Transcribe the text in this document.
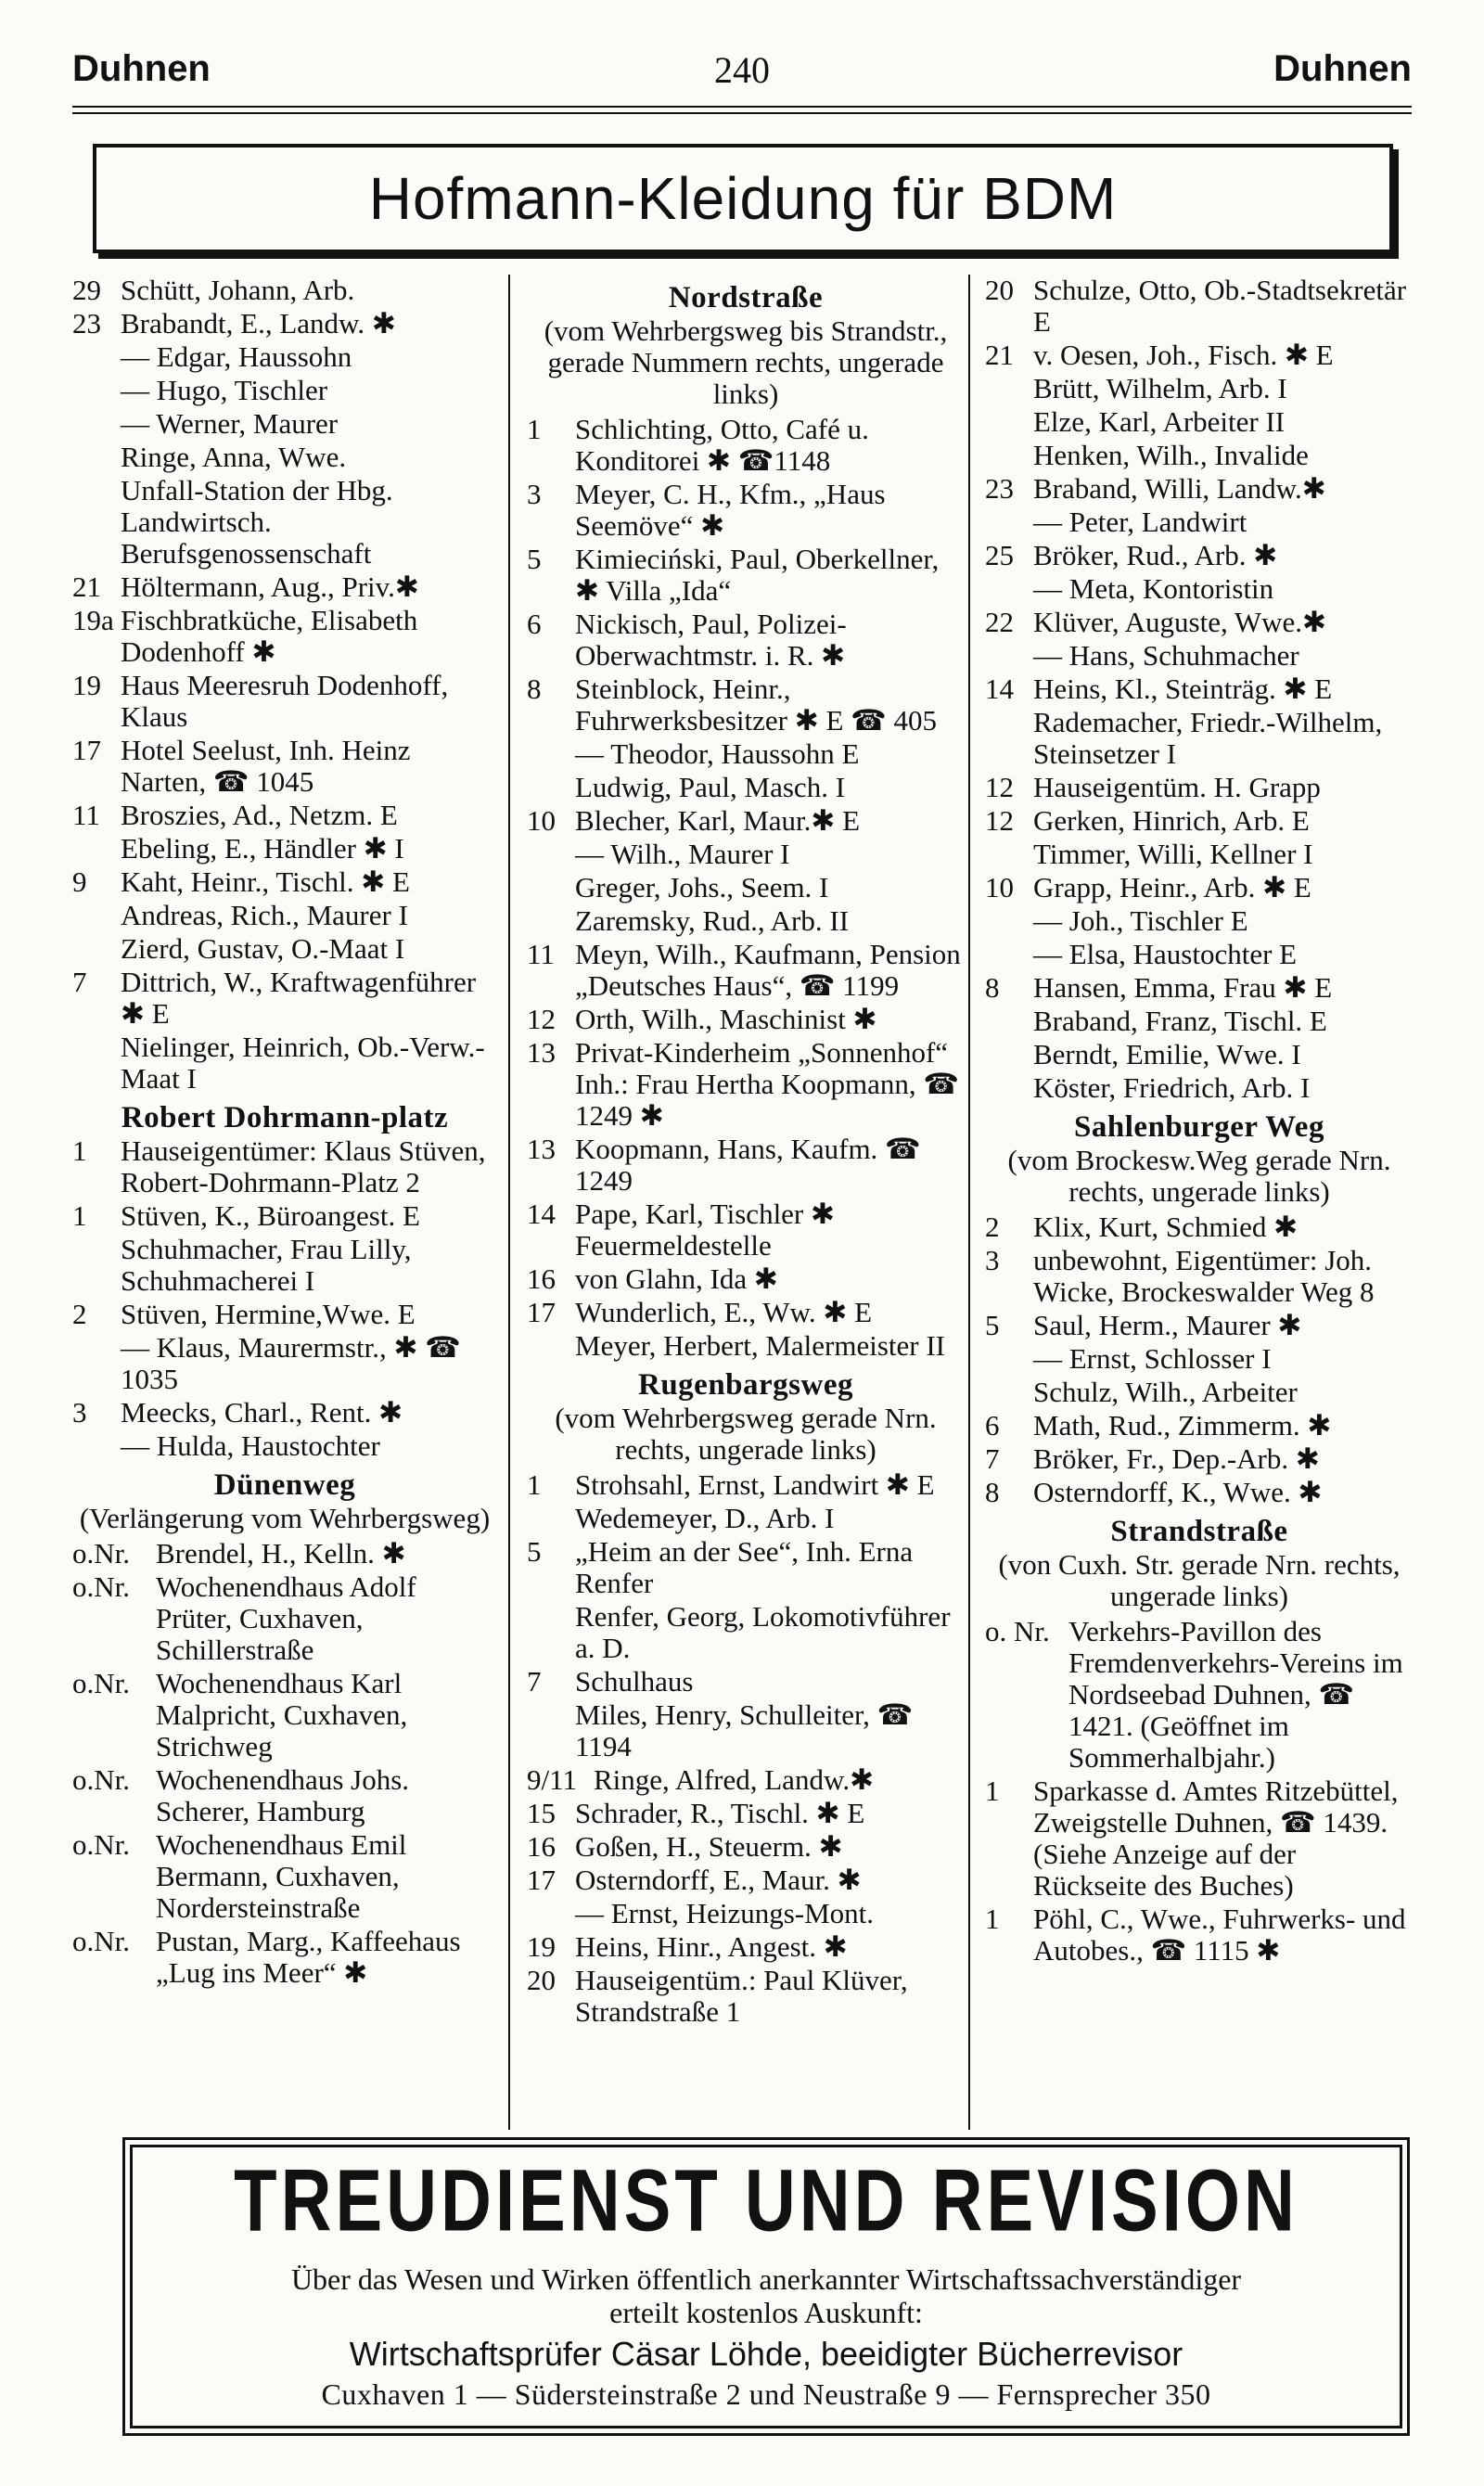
Duhnen	240	Duhnen
Hofmann-Kleidung für BDM
29 Schütt, Johann, Arb.
23 Brabandt, E., Landw. ✱
— Edgar, Haussohn
— Hugo, Tischler
— Werner, Maurer
Ringe, Anna, Wwe.
Unfall-Station der Hbg. Landwirtsch. Berufsgenossenschaft
21 Höltermann, Aug., Priv.✱
19a Fischbratküche, Elisabeth Dodenhoff ✱
19 Haus Meeresruh Dodenhoff, Klaus
17 Hotel Seelust, Inh. Heinz Narten, ☎ 1045
11 Broszies, Ad., Netzm. E
Ebeling, E., Händler ✱ I
9 Kaht, Heinr., Tischl. ✱ E
Andreas, Rich., Maurer I
Zierd, Gustav, O.-Maat I
7 Dittrich, W., Kraftwagenführer ✱ E
Nielinger, Heinrich, Ob.-Verw.-Maat I
Robert Dohrmann-platz
1 Hauseigentümer: Klaus Stüven, Robert-Dohrmann-Platz 2
1 Stüven, K., Büroangest. E
Schuhmacher, Frau Lilly, Schuhmacherei I
2 Stüven, Hermine,Wwe. E
— Klaus, Maurermstr., ✱ ☎ 1035
3 Meecks, Charl., Rent. ✱
— Hulda, Haustochter
Dünenweg
(Verlängerung vom Wehrbergsweg)
o.Nr. Brendel, H., Kelln. ✱
o.Nr. Wochenendhaus Adolf Prüter, Cuxhaven, Schillerstraße
o.Nr. Wochenendhaus Karl Malpricht, Cuxhaven, Strichweg
o.Nr. Wochenendhaus Johs. Scherer, Hamburg
o.Nr. Wochenendhaus Emil Bermann, Cuxhaven, Nordersteinstraße
o.Nr. Pustan, Marg., Kaffeehaus „Lug ins Meer“ ✱
Nordstraße
(vom Wehrbergsweg bis Strandstr., gerade Nummern rechts, ungerade links)
1 Schlichting, Otto, Café u. Konditorei ✱ ☎1148
3 Meyer, C. H., Kfm., „Haus Seemöve“ ✱
5 Kimieciński, Paul, Oberkellner, ✱ Villa „Ida“
6 Nickisch, Paul, Polizei-Oberwachtmstr. i. R. ✱
8 Steinblock, Heinr., Fuhrwerksbesitzer ✱ E ☎ 405
— Theodor, Haussohn E
Ludwig, Paul, Masch. I
10 Blecher, Karl, Maur.✱ E
— Wilh., Maurer I
Greger, Johs., Seem. I
Zaremsky, Rud., Arb. II
11 Meyn, Wilh., Kaufmann, Pension „Deutsches Haus“, ☎ 1199
12 Orth, Wilh., Maschinist ✱
13 Privat-Kinderheim „Sonnenhof“ Inh.: Frau Hertha Koopmann, ☎ 1249 ✱
13 Koopmann, Hans, Kaufm. ☎ 1249
14 Pape, Karl, Tischler ✱ Feuermeldestelle
16 von Glahn, Ida ✱
17 Wunderlich, E., Ww. ✱ E
Meyer, Herbert, Malermeister II
Rugenbargsweg
(vom Wehrbergsweg gerade Nrn. rechts, ungerade links)
1 Strohsahl, Ernst, Landwirt ✱ E
Wedemeyer, D., Arb. I
5 „Heim an der See“, Inh. Erna Renfer
Renfer, Georg, Lokomotivführer a. D.
7 Schulhaus
Miles, Henry, Schulleiter, ☎ 1194
9/11 Ringe, Alfred, Landw.✱
15 Schrader, R., Tischl. ✱ E
16 Goßen, H., Steuerm. ✱
17 Osterndorff, E., Maur. ✱
— Ernst, Heizungs-Mont.
19 Heins, Hinr., Angest. ✱
20 Hauseigentüm.: Paul Klüver, Strandstraße 1
20 Schulze, Otto, Ob.-Stadtsekretär E
21 v. Oesen, Joh., Fisch. ✱ E
Brütt, Wilhelm, Arb. I
Elze, Karl, Arbeiter II
Henken, Wilh., Invalide
23 Braband, Willi, Landw.✱
— Peter, Landwirt
25 Bröker, Rud., Arb. ✱
— Meta, Kontoristin
22 Klüver, Auguste, Wwe.✱
— Hans, Schuhmacher
14 Heins, Kl., Steinträg. ✱ E
Rademacher, Friedr.-Wilhelm, Steinsetzer I
12 Hauseigentüm. H. Grapp
12 Gerken, Hinrich, Arb. E
Timmer, Willi, Kellner I
10 Grapp, Heinr., Arb. ✱ E
— Joh., Tischler E
— Elsa, Haustochter E
8 Hansen, Emma, Frau ✱ E
Braband, Franz, Tischl. E
Berndt, Emilie, Wwe. I
Köster, Friedrich, Arb. I
Sahlenburger Weg
(vom Brockesw.Weg gerade Nrn. rechts, ungerade links)
2 Klix, Kurt, Schmied ✱
3 unbewohnt, Eigentümer: Joh. Wicke, Brockeswalder Weg 8
5 Saul, Herm., Maurer ✱
— Ernst, Schlosser I
Schulz, Wilh., Arbeiter
6 Math, Rud., Zimmerm. ✱
7 Bröker, Fr., Dep.-Arb. ✱
8 Osterndorff, K., Wwe. ✱
Strandstraße
(von Cuxh. Str. gerade Nrn. rechts, ungerade links)
o. Nr. Verkehrs-Pavillon des Fremdenverkehrs-Vereins im Nordseebad Duhnen, ☎ 1421. (Geöffnet im Sommerhalbjahr.)
1 Sparkasse d. Amtes Ritzebüttel, Zweigstelle Duhnen, ☎ 1439. (Siehe Anzeige auf der Rückseite des Buches)
1 Pöhl, C., Wwe., Fuhrwerks- und Autobes., ☎ 1115 ✱
TREUDIENST UND REVISION
Über das Wesen und Wirken öffentlich anerkannter Wirtschaftssachverständiger
erteilt kostenlos Auskunft:
Wirtschaftsprüfer Cäsar Löhde, beeidigter Bücherrevisor
Cuxhaven 1 — Südersteinstraße 2 und Neustraße 9 — Fernsprecher 350
